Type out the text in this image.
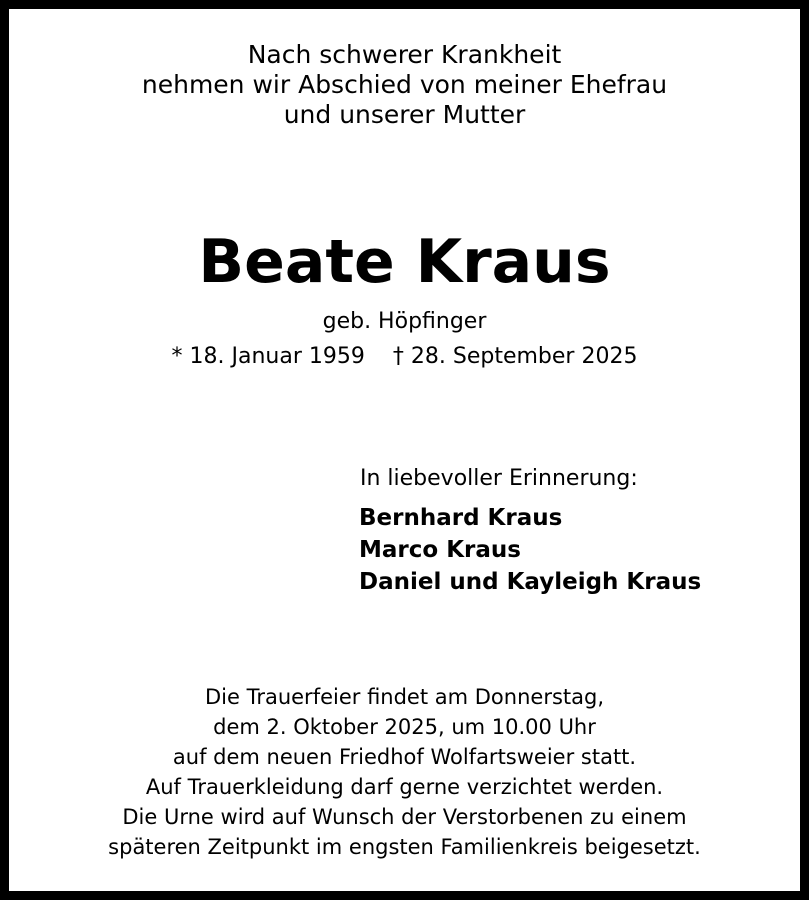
Nach schwerer Krankheit
nehmen wir Abschied von meiner Ehefrau
und unserer Mutter
Beate Kraus
geb. Höpfinger
* 18. Januar 1959 † 28. September 2025
In liebevoller Erinnerung:
Bernhard Kraus
Marco Kraus
Daniel und Kayleigh Kraus
Die Trauerfeier findet am Donnerstag,
dem 2. Oktober 2025, um 10.00 Uhr
auf dem neuen Friedhof Wolfartsweier statt.
Auf Trauerkleidung darf gerne verzichtet werden.
Die Urne wird auf Wunsch der Verstorbenen zu einem
späteren Zeitpunkt im engsten Familienkreis beigesetzt.
